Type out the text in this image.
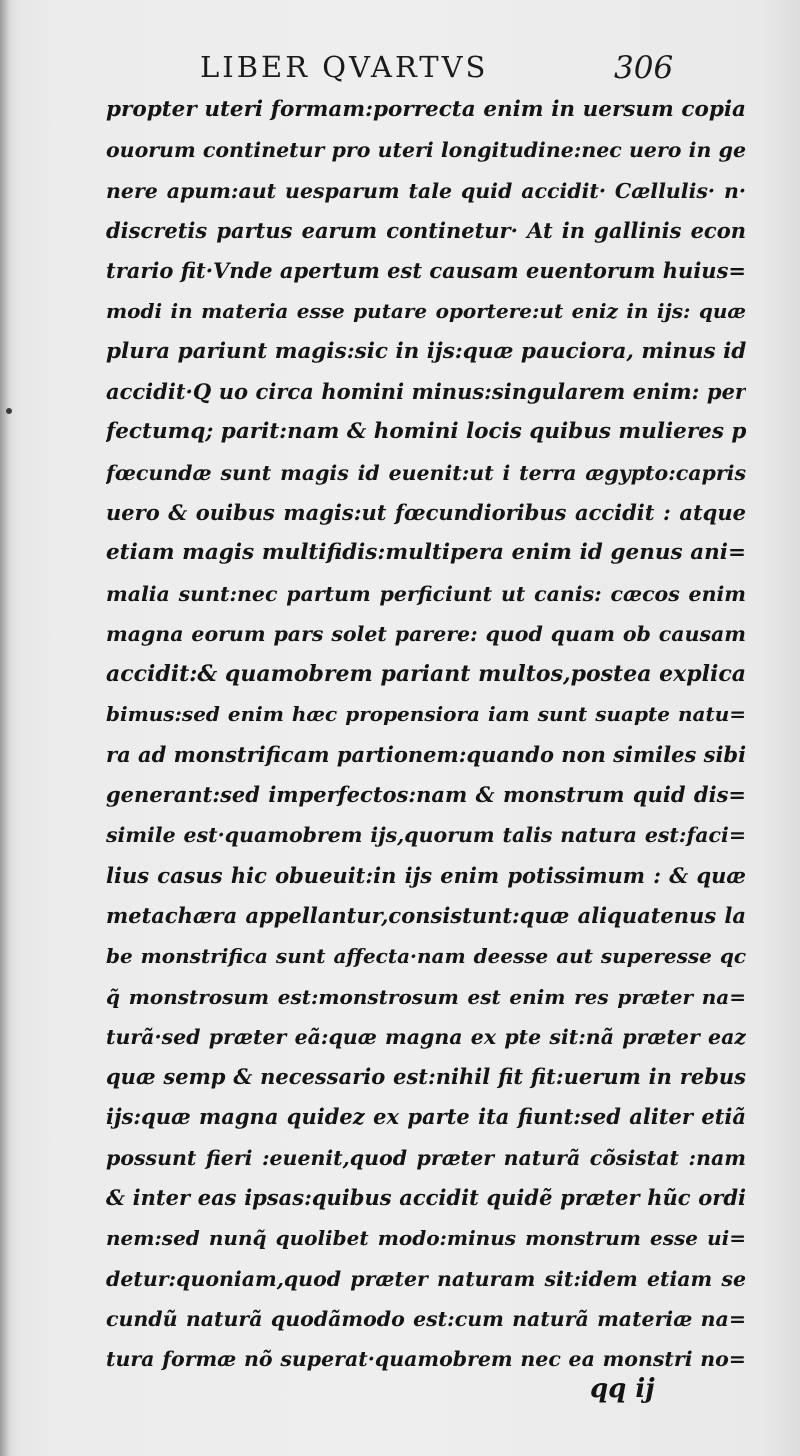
LIBER QVARTVS	306
propter uteri formam:porrecta enim in uersum copia
ouorum continetur pro uteri longitudine:nec uero in ge
nere apum:aut uesparum tale quid accidit· Cællulis· n·
discretis partus earum continetur· At in gallinis econ
trario fit·Vnde apertum est causam euentorum huius=
modi in materia esse putare oportere:ut eniz in ijs: quæ
plura pariunt magis:sic in ijs:quæ pauciora, minus id
accidit·Q uo circa homini minus:singularem enim: per
fectumq; parit:nam & homini locis quibus mulieres p
fœcundæ sunt magis id euenit:ut i terra ægypto:capris
uero & ouibus magis:ut fœcundioribus accidit : atque
etiam magis multifidis:multipera enim id genus ani=
malia sunt:nec partum perficiunt ut canis: cæcos enim
magna eorum pars solet parere: quod quam ob causam
accidit:& quamobrem pariant multos,postea explica
bimus:sed enim hæc propensiora iam sunt suapte natu=
ra ad monstrificam partionem:quando non similes sibi
generant:sed imperfectos:nam & monstrum quid dis=
simile est·quamobrem ijs,quorum talis natura est:faci=
lius casus hic obueuit:in ijs enim potissimum : & quæ
metachæra appellantur,consistunt:quæ aliquatenus la
be monstrifica sunt affecta·nam deesse aut superesse qc
q̃ monstrosum est:monstrosum est enim res præter na=
turã·sed præter eã:quæ magna ex pte sit:nã præter eaz
quæ semp & necessario est:nihil fit fit:uerum in rebus
ijs:quæ magna quidez ex parte ita fiunt:sed aliter etiã
possunt fieri :euenit,quod præter naturã cõsistat :nam
& inter eas ipsas:quibus accidit quidẽ præter hũc ordi
nem:sed nunq̃ quolibet modo:minus monstrum esse ui=
detur:quoniam,quod præter naturam sit:idem etiam se
cundũ naturã quodãmodo est:cum naturã materiæ na=
tura formæ nõ superat·quamobrem nec ea monstri no=
qq ij
